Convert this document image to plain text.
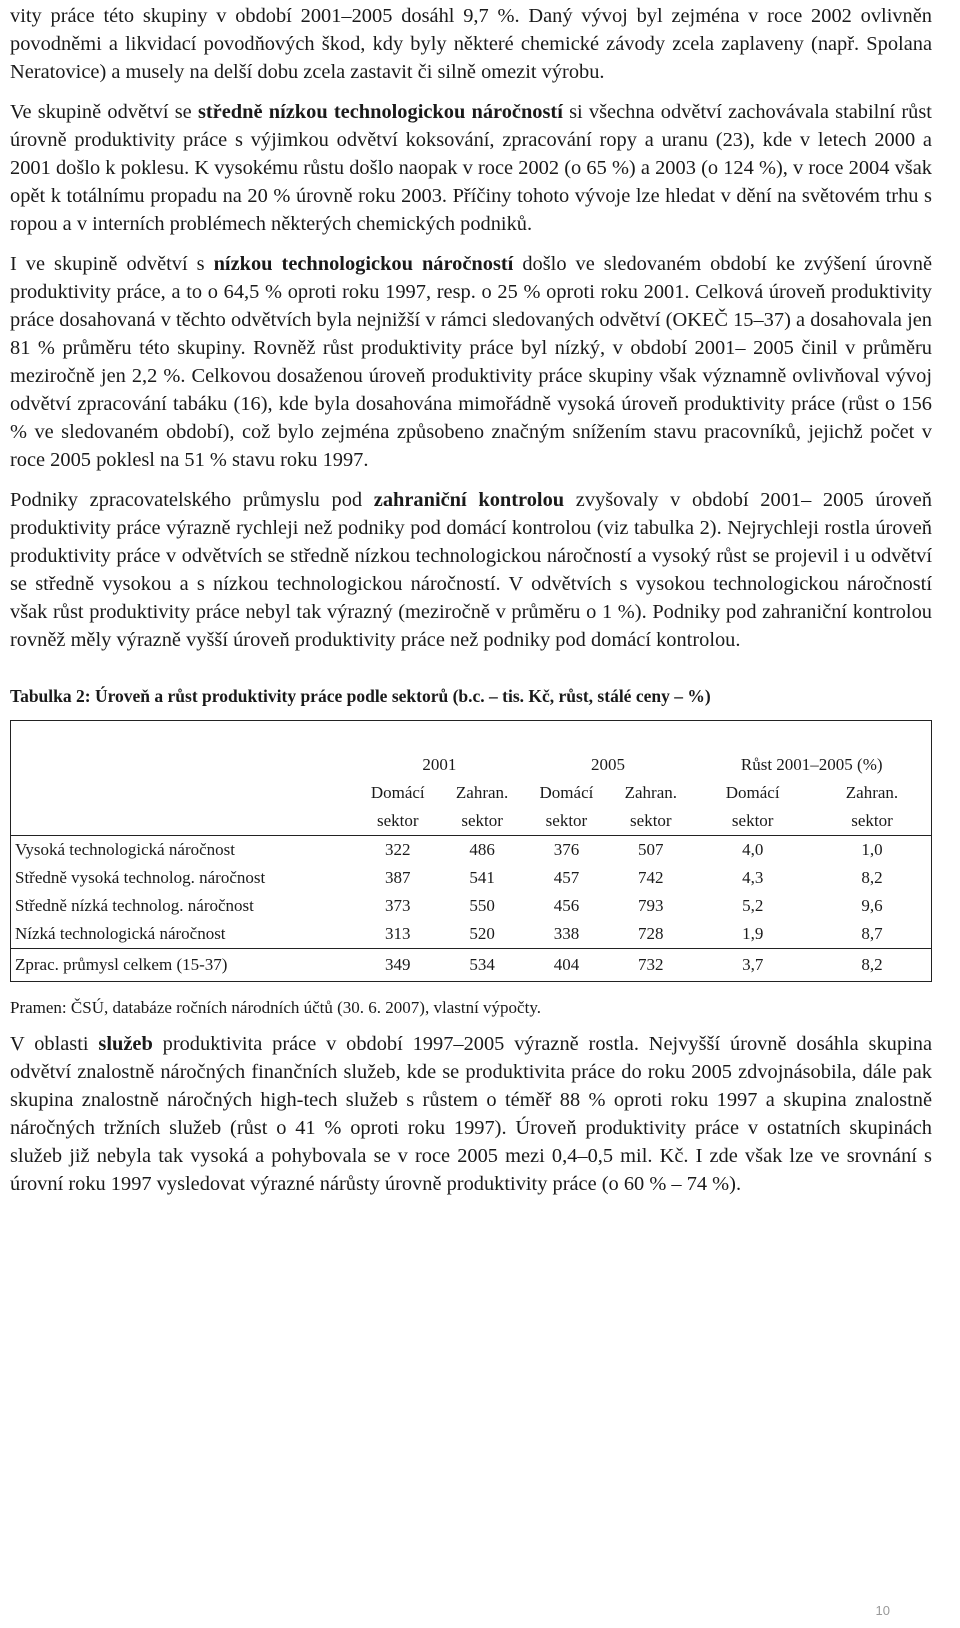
vity práce této skupiny v období 2001–2005 dosáhl 9,7 %. Daný vývoj byl zejména v roce 2002 ovlivněn povodněmi a likvidací povodňových škod, kdy byly některé chemické závody zcela zaplaveny (např. Spolana Neratovice) a musely na delší dobu zcela zastavit či silně omezit výrobu.

Ve skupině odvětví se středně nízkou technologickou náročností si všechna odvětví zachovávala stabilní růst úrovně produktivity práce s výjimkou odvětví koksování, zpracování ropy a uranu (23), kde v letech 2000 a 2001 došlo k poklesu. K vysokému růstu došlo naopak v roce 2002 (o 65 %) a 2003 (o 124 %), v roce 2004 však opět k totálnímu propadu na 20 % úrovně roku 2003. Příčiny tohoto vývoje lze hledat v dění na světovém trhu s ropou a v interních problémech některých chemických podniků.

I ve skupině odvětví s nízkou technologickou náročností došlo ve sledovaném období ke zvýšení úrovně produktivity práce, a to o 64,5 % oproti roku 1997, resp. o 25 % oproti roku 2001. Celková úroveň produktivity práce dosahovaná v těchto odvětvích byla nejnižší v rámci sledovaných odvětví (OKEČ 15–37) a dosahovala jen 81 % průměru této skupiny. Rovněž růst produktivity práce byl nízký, v období 2001– 2005 činil v průměru meziročně jen 2,2 %. Celkovou dosaženou úroveň produktivity práce skupiny však významně ovlivňoval vývoj odvětví zpracování tabáku (16), kde byla dosahována mimořádně vysoká úroveň produktivity práce (růst o 156 % ve sledovaném období), což bylo zejména způsobeno značným snížením stavu pracovníků, jejichž počet v roce 2005 poklesl na 51 % stavu roku 1997.

Podniky zpracovatelského průmyslu pod zahraniční kontrolou zvyšovaly v období 2001– 2005 úroveň produktivity práce výrazně rychleji než podniky pod domácí kontrolou (viz tabulka 2). Nejrychleji rostla úroveň produktivity práce v odvětvích se středně nízkou technologickou náročností a vysoký růst se projevil i u odvětví se středně vysokou a s nízkou technologickou náročností. V odvětvích s vysokou technologickou náročností však růst produktivity práce nebyl tak výrazný (meziročně v průměru o 1 %). Podniky pod zahraniční kontrolou rovněž měly výrazně vyšší úroveň produktivity práce než podniky pod domácí kontrolou.

Tabulka 2: Úroveň a růst produktivity práce podle sektorů (b.c. – tis. Kč, růst, stálé ceny – %)
	2001		2005		Růst 2001–2005 (%)	
	Domácí	Zahran.	Domácí	Zahran.	Domácí	Zahran.
	sektor	sektor	sektor	sektor	sektor	sektor
Vysoká technologická náročnost	322	486	376	507	4,0	1,0
Středně vysoká technolog. náročnost	387	541	457	742	4,3	8,2
Středně nízká technolog. náročnost	373	550	456	793	5,2	9,6
Nízká technologická náročnost	313	520	338	728	1,9	8,7
Zprac. průmysl celkem (15-37)	349	534	404	732	3,7	8,2
Pramen: ČSÚ, databáze ročních národních účtů (30. 6. 2007), vlastní výpočty.

V oblasti služeb produktivita práce v období 1997–2005 výrazně rostla. Nejvyšší úrovně dosáhla skupina odvětví znalostně náročných finančních služeb, kde se produktivita práce do roku 2005 zdvojnásobila, dále pak skupina znalostně náročných high-tech služeb s růstem o téměř 88 % oproti roku 1997 a skupina znalostně náročných tržních služeb (růst o 41 % oproti roku 1997). Úroveň produktivity práce v ostatních skupinách služeb již nebyla tak vysoká a pohybovala se v roce 2005 mezi 0,4–0,5 mil. Kč. I zde však lze ve srovnání s úrovní roku 1997 vysledovat výrazné nárůsty úrovně produktivity práce (o 60 % – 74 %).

10
